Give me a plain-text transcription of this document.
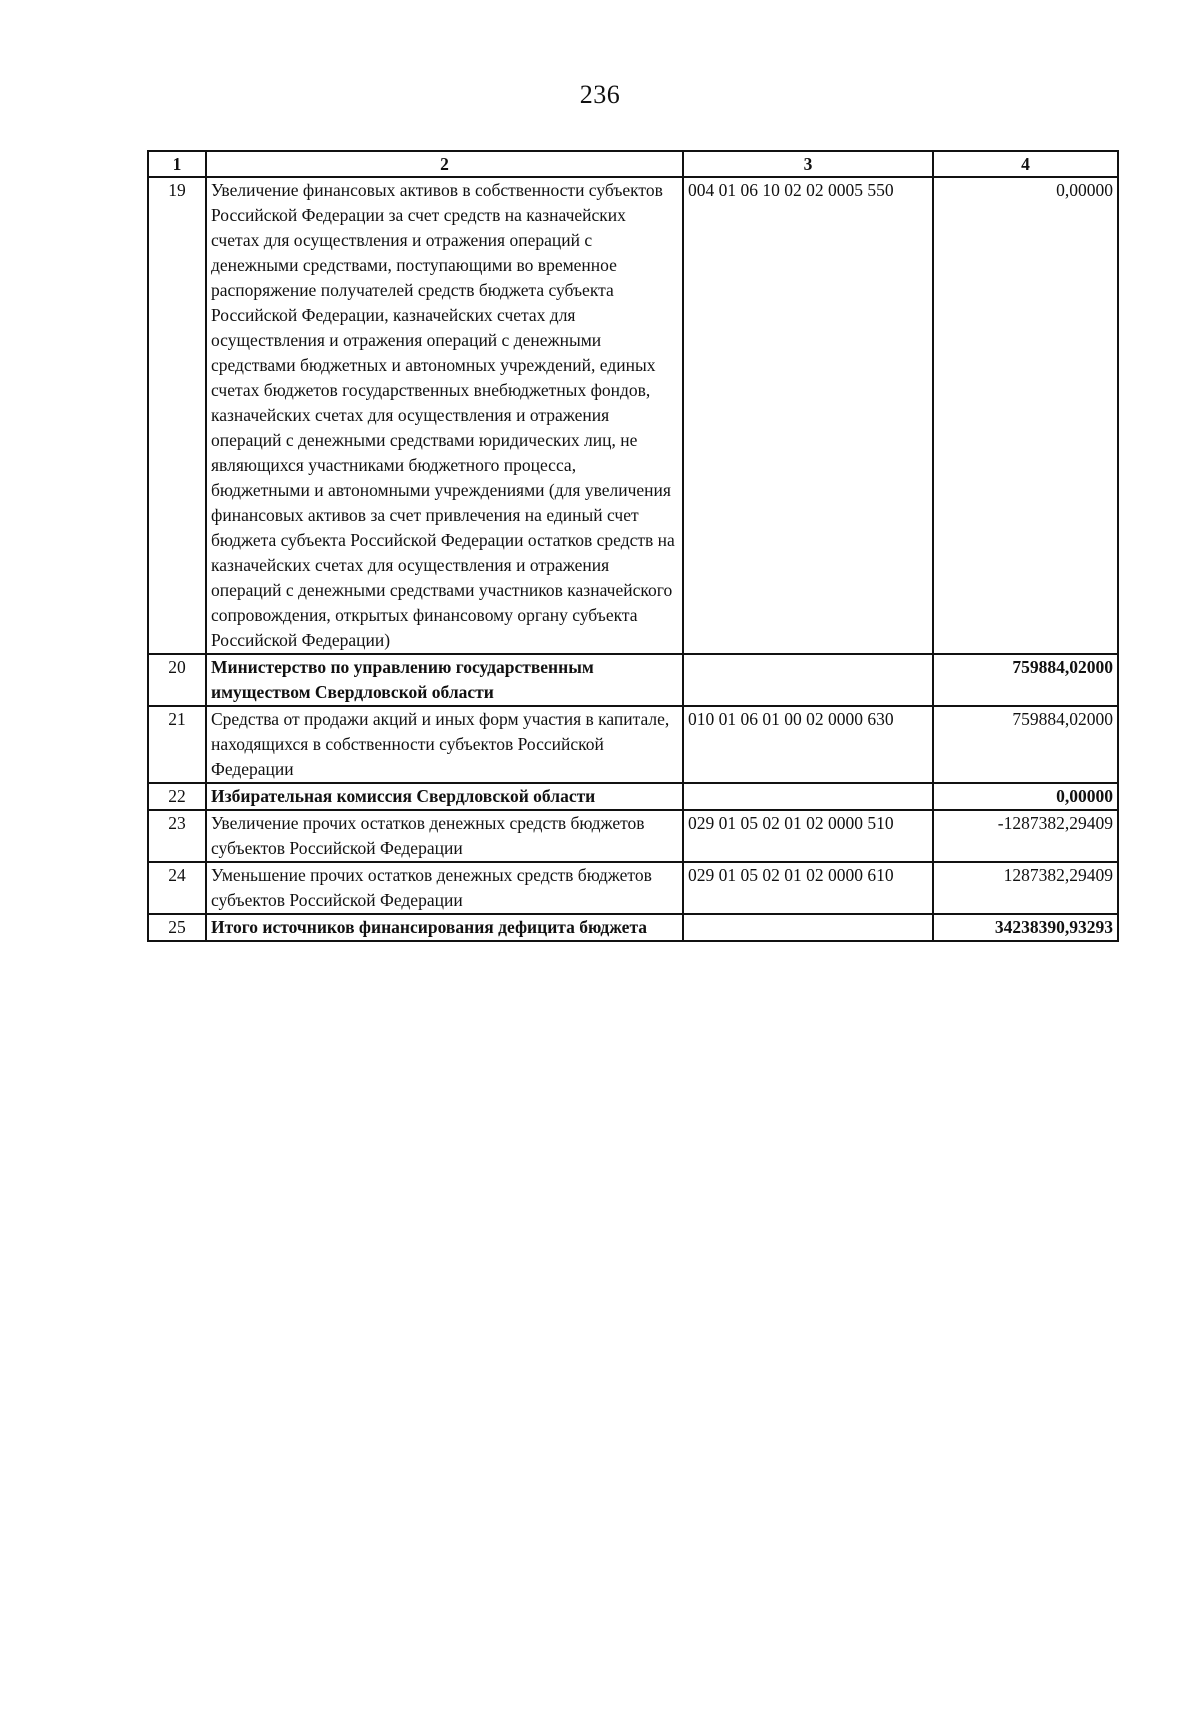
236
1	2	3	4
19	Увеличение финансовых активов в собственности субъектов Российской Федерации за счет средств на казначейских счетах для осуществления и отражения операций с денежными средствами, поступающими во временное распоряжение получателей средств бюджета субъекта Российской Федерации, казначейских счетах для осуществления и отражения операций с денежными средствами бюджетных и автономных учреждений, единых счетах бюджетов государственных внебюджетных фондов, казначейских счетах для осуществления и отражения операций с денежными средствами юридических лиц, не являющихся участниками бюджетного процесса, бюджетными и автономными учреждениями (для увеличения финансовых активов за счет привлечения на единый счет бюджета субъекта Российской Федерации остатков средств на казначейских счетах для осуществления и отражения операций с денежными средствами участников казначейского сопровождения, открытых финансовому органу субъекта Российской Федерации)	004 01 06 10 02 02 0005 550	0,00000
20	Министерство по управлению государственным имуществом Свердловской области		759884,02000
21	Средства от продажи акций и иных форм участия в капитале, находящихся в собственности субъектов Российской Федерации	010 01 06 01 00 02 0000 630	759884,02000
22	Избирательная комиссия Свердловской области		0,00000
23	Увеличение прочих остатков денежных средств бюджетов субъектов Российской Федерации	029 01 05 02 01 02 0000 510	-1287382,29409
24	Уменьшение прочих остатков денежных средств бюджетов субъектов Российской Федерации	029 01 05 02 01 02 0000 610	1287382,29409
25	Итого источников финансирования дефицита бюджета		34238390,93293
